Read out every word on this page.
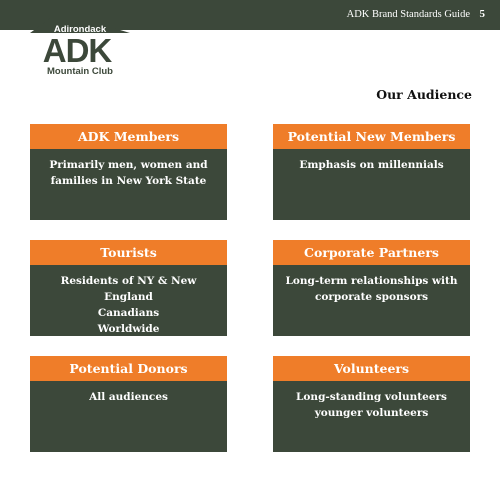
ADK Brand Standards Guide 5
Adirondack
ADK
Mountain Club
Our Audience
ADK Members
Primarily men, women and
families in New York State
Potential New Members
Emphasis on millennials
Tourists
Residents of NY & New England
Canadians
Worldwide
Corporate Partners
Long-term relationships with
corporate sponsors
Potential Donors
All audiences
Volunteers
Long-standing volunteers
younger volunteers
